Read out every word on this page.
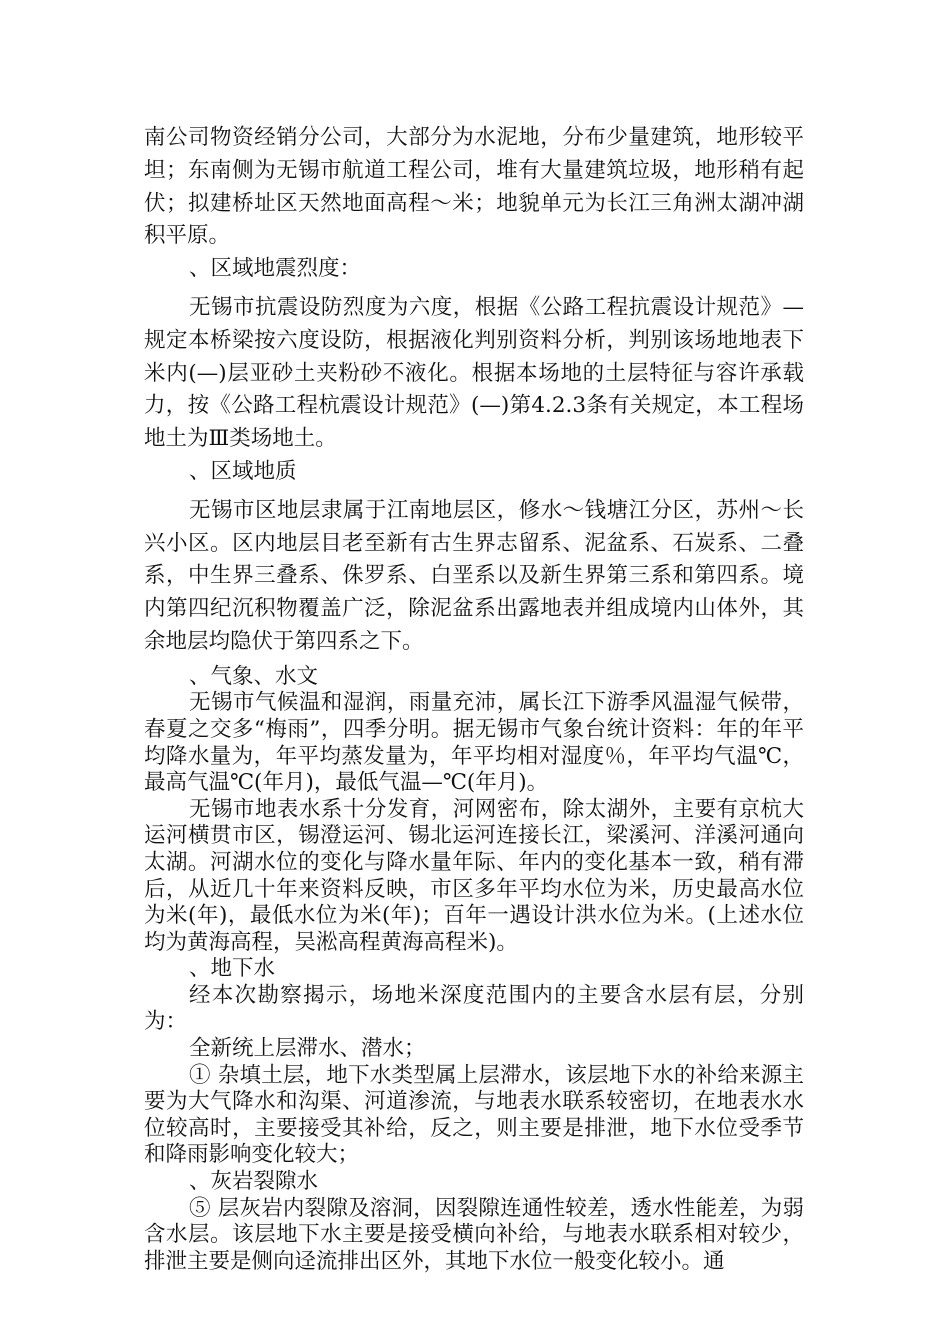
南公司物资经销分公司，大部分为水泥地，分布少量建筑，地形较平坦；东南侧为无锡市航道工程公司，堆有大量建筑垃圾，地形稍有起伏；拟建桥址区天然地面高程～米；地貌单元为长江三角洲太湖冲湖积平原。

、区域地震烈度：

无锡市抗震设防烈度为六度，根据《公路工程抗震设计规范》—规定本桥梁按六度设防，根据液化判别资料分析，判别该场地地表下米内(—)层亚砂土夹粉砂不液化。根据本场地的土层特征与容许承载力，按《公路工程杭震设计规范》(—)第4.2.3条有关规定，本工程场地土为Ⅲ类场地土。

、区域地质

无锡市区地层隶属于江南地层区，修水～钱塘江分区，苏州～长兴小区。区内地层目老至新有古生界志留系、泥盆系、石炭系、二叠系，中生界三叠系、侏罗系、白垩系以及新生界第三系和第四系。境内第四纪沉积物覆盖广泛，除泥盆系出露地表并组成境内山体外，其余地层均隐伏于第四系之下。

、气象、水文

无锡市气候温和湿润，雨量充沛，属长江下游季风温湿气候带，春夏之交多“梅雨”，四季分明。据无锡市气象台统计资料：年的年平均降水量为，年平均蒸发量为，年平均相对湿度％，年平均气温℃，最高气温℃(年月)，最低气温—℃(年月)。

无锡市地表水系十分发育，河网密布，除太湖外，主要有京杭大运河横贯市区，锡澄运河、锡北运河连接长江，梁溪河、洋溪河通向太湖。河湖水位的变化与降水量年际、年内的变化基本一致，稍有滞后，从近几十年来资料反映，市区多年平均水位为米，历史最高水位为米(年)，最低水位为米(年)；百年一遇设计洪水位为米。(上述水位均为黄海高程，吴淞高程黄海高程米)。

、地下水

经本次勘察揭示，场地米深度范围内的主要含水层有层，分别为：

全新统上层滞水、潜水；

① 杂填土层，地下水类型属上层滞水，该层地下水的补给来源主要为大气降水和沟渠、河道渗流，与地表水联系较密切，在地表水水位较高时，主要接受其补给，反之，则主要是排泄，地下水位受季节和降雨影响变化较大；

、灰岩裂隙水

⑤ 层灰岩内裂隙及溶洞，因裂隙连通性较差，透水性能差，为弱含水层。该层地下水主要是接受横向补给，与地表水联系相对较少，排泄主要是侧向迳流排出区外，其地下水位一般变化较小。通
